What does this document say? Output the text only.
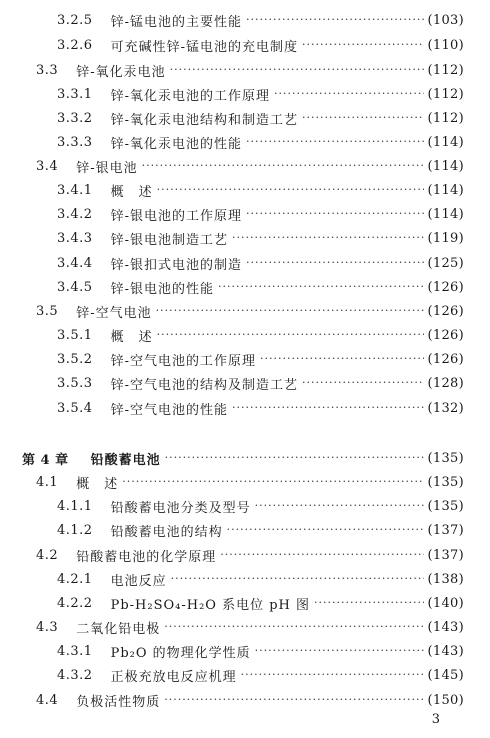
3.2.5 锌-锰电池的主要性能 ·····	(103)
3.2.6 可充碱性锌-锰电池的充电制度 ·····	(110)
3.3 锌-氧化汞电池 ·····	(112)
3.3.1 锌-氧化汞电池的工作原理 ·····	(112)
3.3.2 锌-氧化汞电池结构和制造工艺 ·····	(112)
3.3.3 锌-氧化汞电池的性能 ·····	(114)
3.4 锌-银电池 ·····	(114)
3.4.1 概　述 ·····	(114)
3.4.2 锌-银电池的工作原理 ·····	(114)
3.4.3 锌-银电池制造工艺 ·····	(119)
3.4.4 锌-银扣式电池的制造 ·····	(125)
3.4.5 锌-银电池的性能 ·····	(126)
3.5 锌-空气电池 ·····	(126)
3.5.1 概　述 ·····	(126)
3.5.2 锌-空气电池的工作原理 ·····	(126)
3.5.3 锌-空气电池的结构及制造工艺 ·····	(128)
3.5.4 锌-空气电池的性能 ·····	(132)
第 4 章 铅酸蓄电池 ·····	(135)
4.1 概　述 ·····	(135)
4.1.1 铅酸蓄电池分类及型号 ·····	(135)
4.1.2 铅酸蓄电池的结构 ·····	(137)
4.2 铅酸蓄电池的化学原理 ·····	(137)
4.2.1 电池反应 ·····	(138)
4.2.2 Pb-H₂SO₄-H₂O 系电位 pH 图 ·····	(140)
4.3 二氧化铅电极 ·····	(143)
4.3.1 Pb₂O 的物理化学性质 ·····	(143)
4.3.2 正极充放电反应机理 ·····	(145)
4.4 负极活性物质 ·····	(150)
3
